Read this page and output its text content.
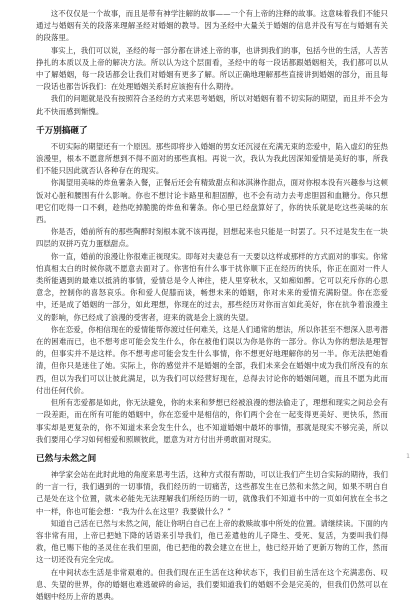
这不仅仅是一个故事，而且是带有神学注解的故事——一个有上帝的注释的故事。这意味着我们不能只通过与婚姻有关的段落来理解圣经对婚姻的教导。因为圣经中大量关于婚姻的信息并没有写在与婚姻有关的段落里。

事实上，我们可以说，圣经的每一部分都在讲述上帝的事，也讲到我们的事，包括今世的生活，人苦苦挣扎的本质以及上帝的解决方法。所以认为这个层面看，圣经中的每一段话都跟婚姻相关，我们都可以从中了解婚姻，每一段话都会让我们对婚姻有更多了解。所以正确地理解那些直接讲到婚姻的部分，而且每一段话也都告诉我们：在处理婚姻关系时应该抱有什么期待。

我们的问题就是没有按照符合圣经的方式来思考婚姻，所以对婚姻有着不切实际的期望，而且并不会为此不快而感到惭愧。

千万别搞砸了

不切实际的期望还有一个原因。那些即将步入婚姻的男女还沉浸在充满无束的恋爱中，陷入虚幻的狂热浪漫里，根本不愿意所想到不得不面对的那些真相。再说一次，我认为我此因深知爱情是美好的事，所我们不能只因此就否认各种存在的现实。

你渴望用美味的炸鱼薯条入餐，正餐后还会有精致甜点和冰淇淋作甜点，面对你根本没有兴趣参与这顿饭对心脏和腰围有什么影响。你也不想讨论卡路里和胆固醇，也不会有动力去考虑胆固和血糖分。你只想吧它们吃得一口不剩，趁热吃掉脆脆的炸鱼和薯条。你心里已经盘算好了，你的快乐就是吃这些美味的东西。

你是否，婚前所有的那些陶醉时刻根本就不该再提，回想起来也只能是一时罢了。只不过是发生在一块四层的双拼巧克力蛋糕甜点。

你一直，婚前的浪漫让你很难正视现实。即每对夫妻总有一天要以这样或那样的方式面对的事实。你常怕真相太白的时候你就不愿意去面对了。你害怕有什么事干扰你顺下正在经历的快乐，你正在面对一件人类所能遇到的最难以抵消的事情，爱情总是令人神往，使人里穿秋水，又如痴如醉。它可以充斥你的心思意念，控制你的喜怒哀乐。你和爱人促膝而谈，畅想未来的婚姻，你对未来的爱情充满盼望。你在恋爱中，还是成了婚姻的一部分，如此理想，你现在的过去，那些经历对你而言如此美好，你在抗争着浪漫主义的影响，你已经成了浪漫的受害者，迎来的就是会上演的失望。

你在恋爱，你相信现在的爱情能帮你渡过任何难关，这是人们通常的想法，所以你甚至不想深入思考潜在的困难而已，也不想考虑可能会发生什么，你在被他们误以为你是你的一部分。你认为你的想法是理智的，但事实并不是这样。你不想考虑可能会发生什么事情，你不想更好地理解你的另一半。你无法把她看清，但你只是迷住了她。实际上，你的感觉并不是婚姻的全部，我们未来会在婚姻中成为我们所没有的东西，但以为我们可以让彼此满足，以为我们可以经营好现在，总得去讨论你的婚姻问题，而且不愿为此而付出任何代价。

但所有恋爱都是如此，你无法避免，你的未来和梦想已经被浪漫的想法偷走了，理想和现实之间总会有一段差距，而在所有可能的婚姻中，你在恋爱中是相信的，你们两个会在一起变得更美好、更快乐，然而事实却是更复杂的，你不知道未来会发生什么，也不知道婚姻中最坏的事情，那就是现实不够完美，所以我们要用心学习如何相爱和照顾彼此，愿意为对方付出并勇敢面对现实。

已然与未然之间

神学家会站在此时此地的角度来思考生活，这种方式很有帮助，可以让我们产生切合实际的期待，我们的一言一行，我们遇到的一切事情，我们经历的一切痛苦，这些都发生在已然和未然之间，如果不明白自己是处在这个位置，就未必能先无法理解我们所经历的一切，就像我们不知道书中的一页如何放在全书之中一样，你也可能会想：“我为什么在这里？我要做什么？”

知道自己活在已然与未然之间，能让你明白自己在上帝的救赎故事中所处的位置。请继续读。下面的内容非常有用，上帝已把她下降的话语来引导我们，他已差遣他的儿子降生、受死、复活，为要叫我们得救，他已赐下他的圣灵住在我们里面，他已把他的教会建立在世上，他已经开始了更新万物的工作，然而这一切还没有完全完成。

在中间状态生活是非常艰难的。但我们现在正生活在这种状态下，我们目前生活在这个充满悲伤、叹息、失望的世界，你的婚姻也难逃破碎的命运，我们要知道我们的婚姻不会是完美的，但我们仍然可以在婚姻中经历上帝的恩典。

1
